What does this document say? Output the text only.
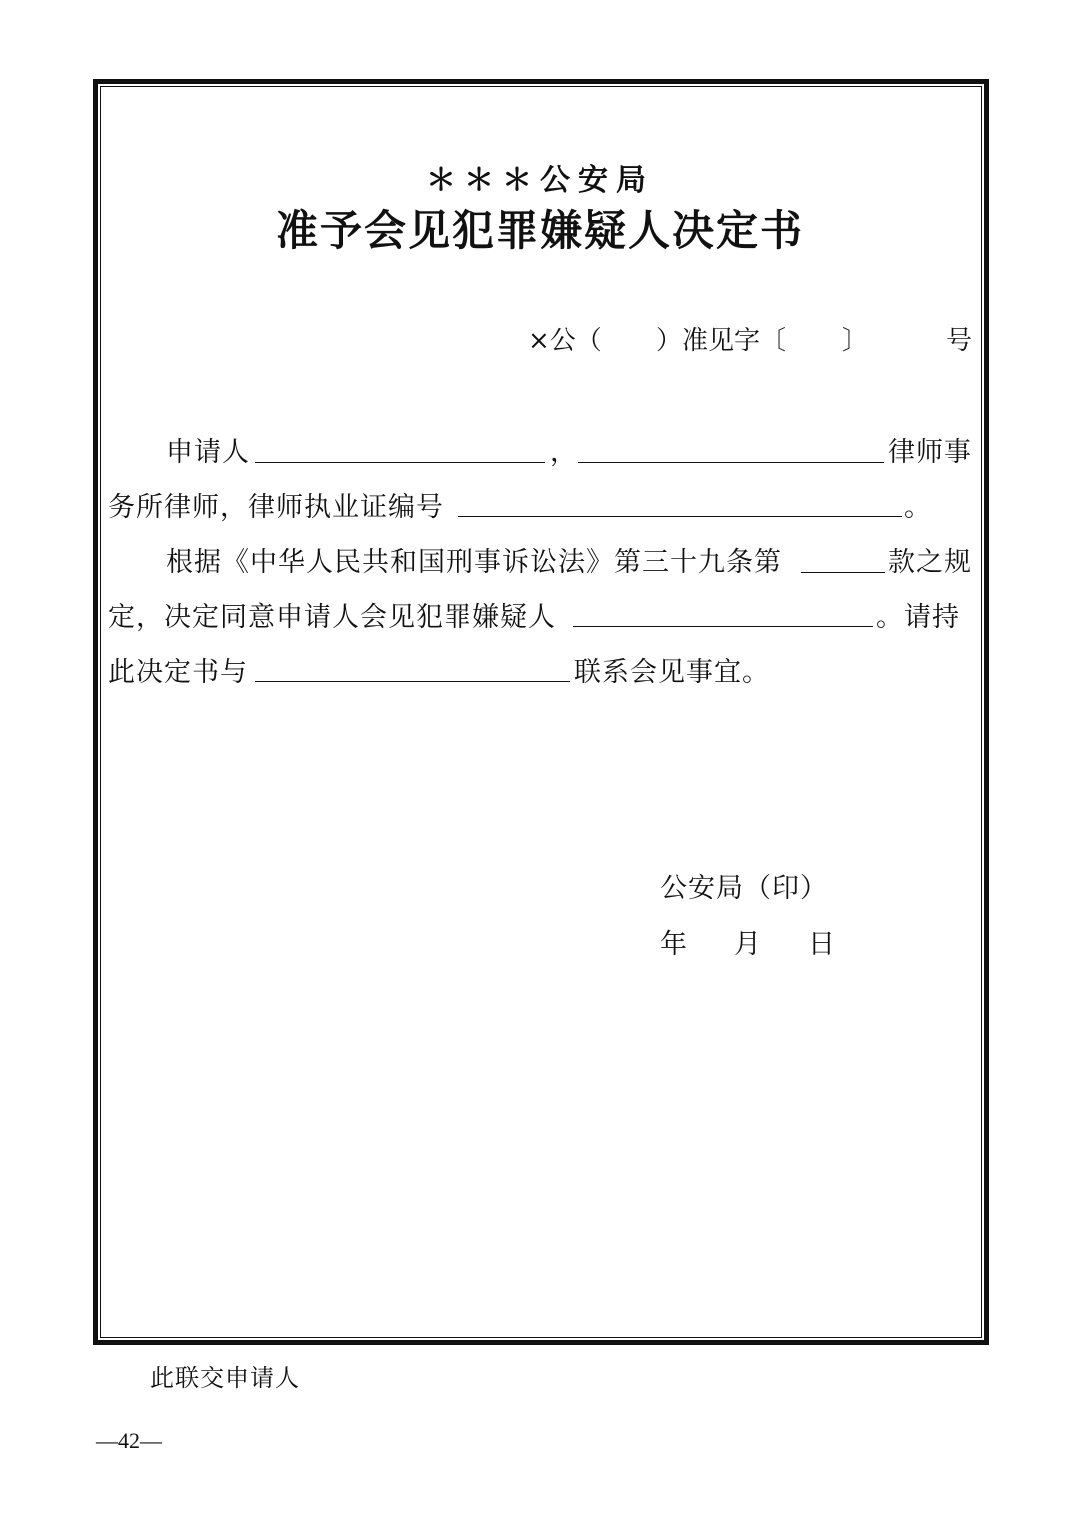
＊＊＊公安局
准予会见犯罪嫌疑人决定书
×公（ ）准见字〔 〕	号
申请人	，	律师事
务所律师，律师执业证编号	。
根据《中华人民共和国刑事诉讼法》第三十九条第	款之规
定，决定同意申请人会见犯罪嫌疑人	。请持
此决定书与	联系会见事宜。
公安局（印）
年 月 日
此联交申请人
—42—
